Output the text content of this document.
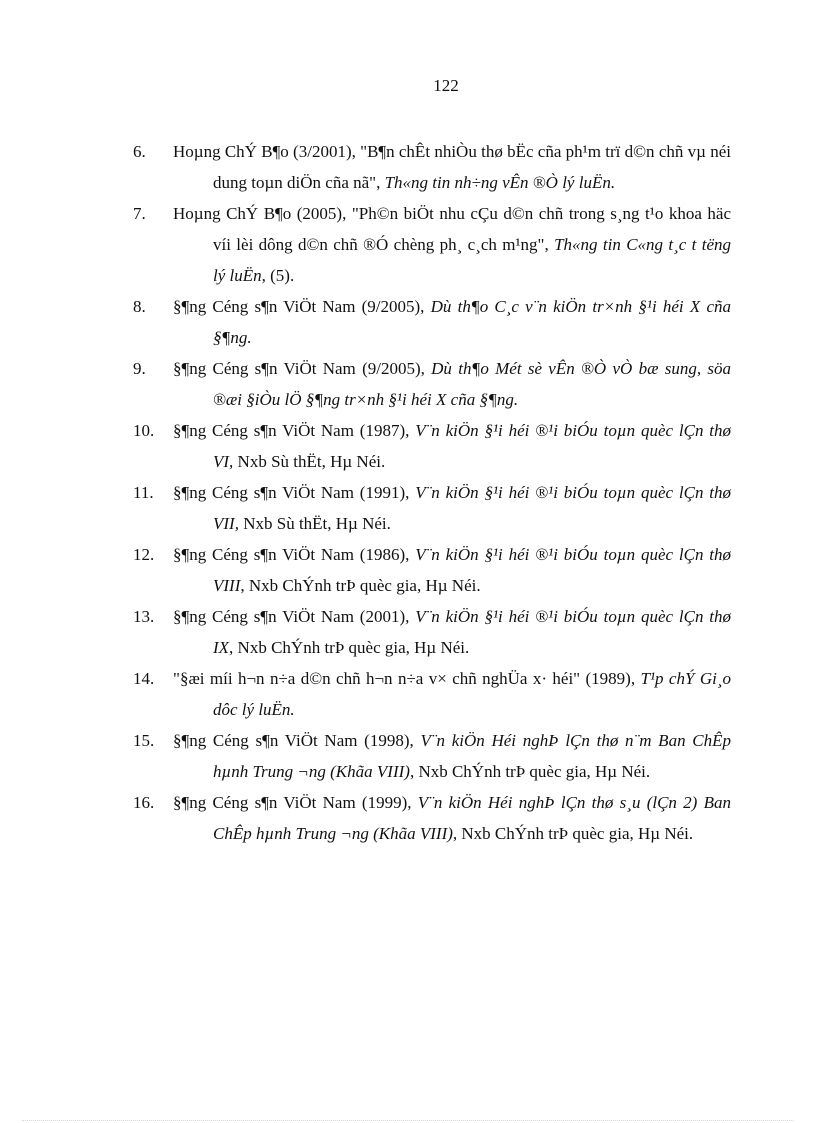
122
6.	Hoµng ChÝ B¶o (3/2001), "B¶n chÊt nhiÒu thø bËc cña ph¹m trï d©n chñ vµ néi dung toµn diÖn cña nã", Th«ng tin nh÷ng vÊn ®Ò lý luËn.
7.	Hoµng ChÝ B¶o (2005), "Ph©n biÖt nhu cÇu d©n chñ trong s¸ng t¹o khoa häc víi lèi dông d©n chñ ®Ó chèng ph¸ c¸ch m¹ng", Th«ng tin C«ng t¸c t tëng lý luËn, (5).
8.	§¶ng Céng s¶n ViÖt Nam (9/2005), Dù th¶o C¸c v¨n kiÖn tr×nh §¹i héi X cña §¶ng.
9.	§¶ng Céng s¶n ViÖt Nam (9/2005), Dù th¶o Mét sè vÊn ®Ò vÒ bæ sung, söa ®æi §iÒu lÖ §¶ng tr×nh §¹i héi X cña §¶ng.
10.	§¶ng Céng s¶n ViÖt Nam (1987), V¨n kiÖn §¹i héi ®¹i biÓu toµn quèc lÇn thø VI, Nxb Sù thËt, Hµ Néi.
11.	§¶ng Céng s¶n ViÖt Nam (1991), V¨n kiÖn §¹i héi ®¹i biÓu toµn quèc lÇn thø VII, Nxb Sù thËt, Hµ Néi.
12.	§¶ng Céng s¶n ViÖt Nam (1986), V¨n kiÖn §¹i héi ®¹i biÓu toµn quèc lÇn thø VIII, Nxb ChÝnh trÞ quèc gia, Hµ Néi.
13.	§¶ng Céng s¶n ViÖt Nam (2001), V¨n kiÖn §¹i héi ®¹i biÓu toµn quèc lÇn thø IX, Nxb ChÝnh trÞ quèc gia, Hµ Néi.
14.	"§æi míi h¬n n÷a d©n chñ h¬n n÷a v× chñ nghÜa x· héi" (1989), T¹p chÝ Gi¸o dôc lý luËn.
15.	§¶ng Céng s¶n ViÖt Nam (1998), V¨n kiÖn Héi nghÞ lÇn thø n¨m Ban ChÊp hµnh Trung ¬ng (Khãa VIII), Nxb ChÝnh trÞ quèc gia, Hµ Néi.
16.	§¶ng Céng s¶n ViÖt Nam (1999), V¨n kiÖn Héi nghÞ lÇn thø s¸u (lÇn 2) Ban ChÊp hµnh Trung ¬ng (Khãa VIII), Nxb ChÝnh trÞ quèc gia, Hµ Néi.
